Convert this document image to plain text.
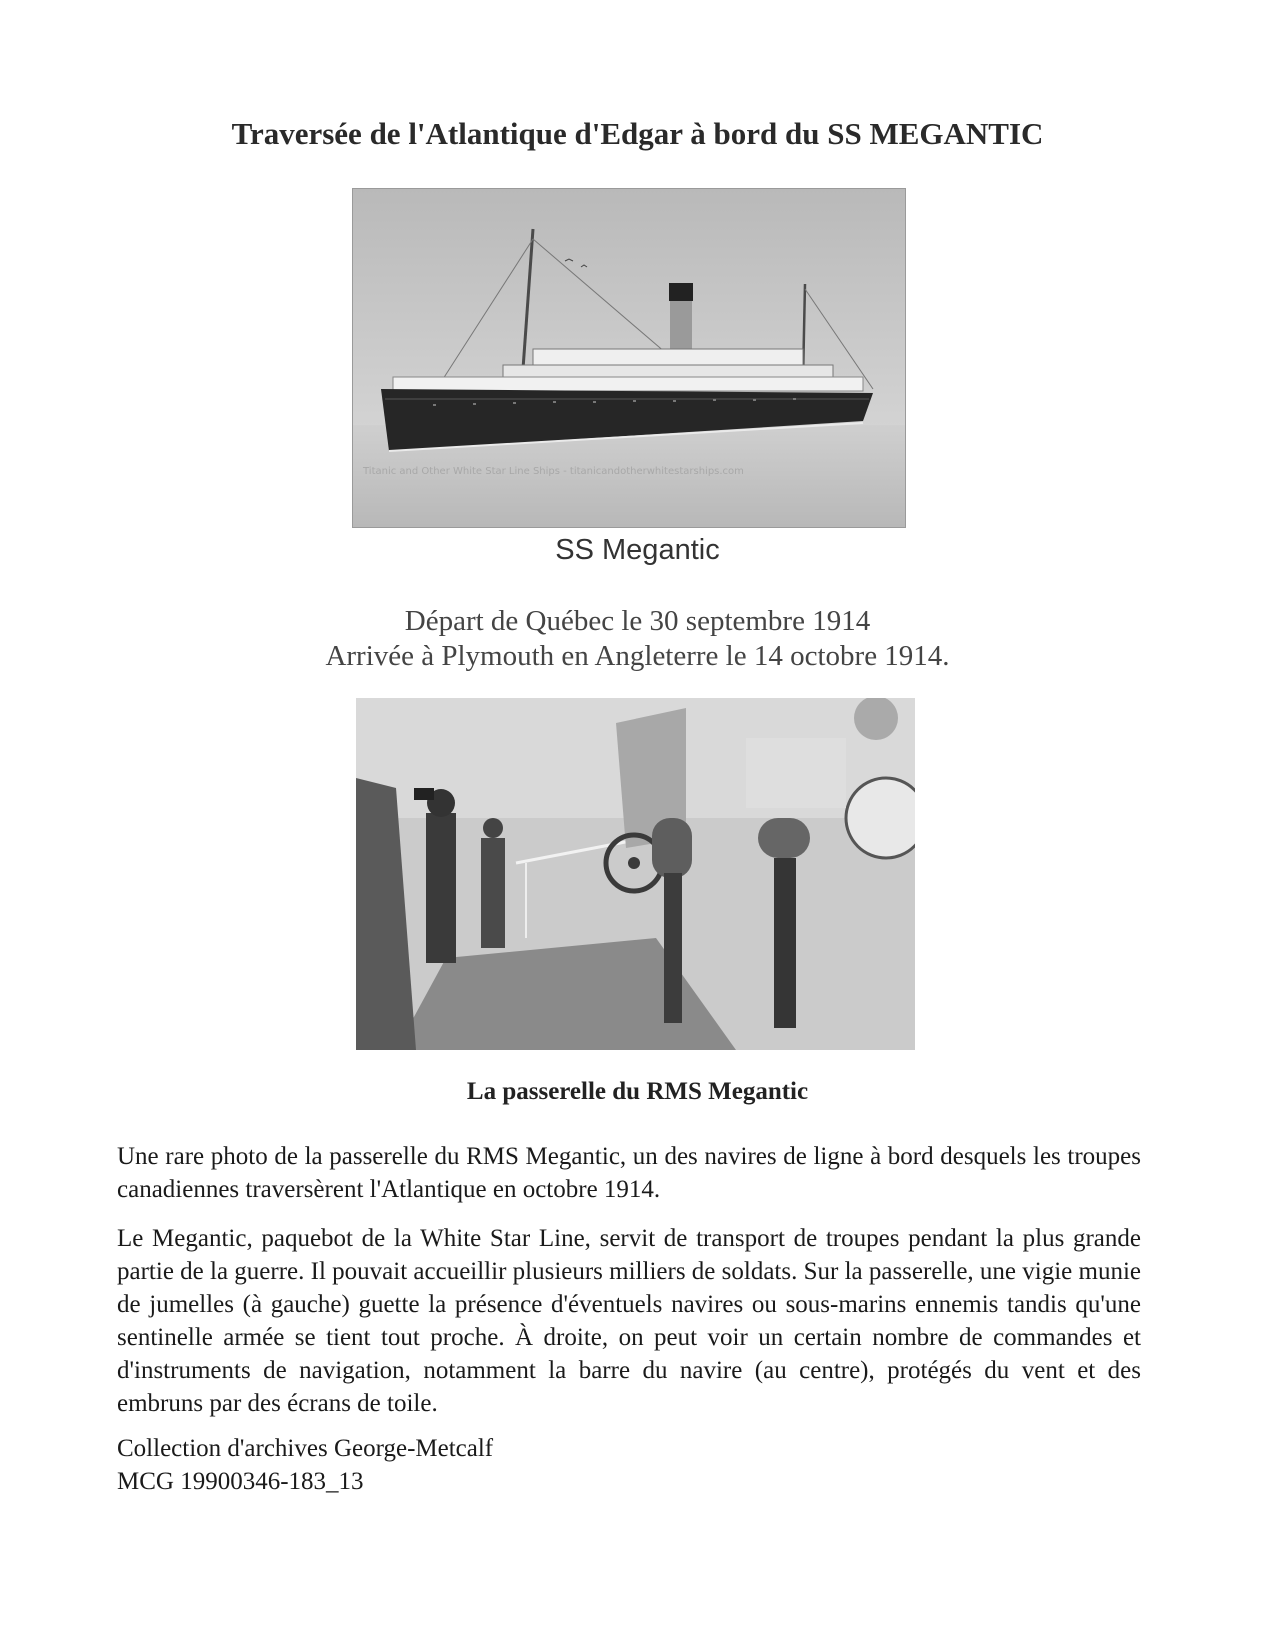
Traversée de l'Atlantique d'Edgar à bord du SS MEGANTIC
Titanic and Other White Star Line Ships - titanicandotherwhitestarships.com
SS Megantic
Départ de Québec le 30 septembre 1914
Arrivée à Plymouth en Angleterre le 14 octobre 1914.
La passerelle du RMS Megantic

Une rare photo de la passerelle du RMS Megantic, un des navires de ligne à bord desquels les troupes canadiennes traversèrent l'Atlantique en octobre 1914.

Le Megantic, paquebot de la White Star Line, servit de transport de troupes pendant la plus grande partie de la guerre. Il pouvait accueillir plusieurs milliers de soldats. Sur la passerelle, une vigie munie de jumelles (à gauche) guette la présence d'éventuels navires ou sous-marins ennemis tandis qu'une sentinelle armée se tient tout proche. À droite, on peut voir un certain nombre de commandes et d'instruments de navigation, notamment la barre du navire (au centre), protégés du vent et des embruns par des écrans de toile.

Collection d'archives George-Metcalf
MCG 19900346-183_13
